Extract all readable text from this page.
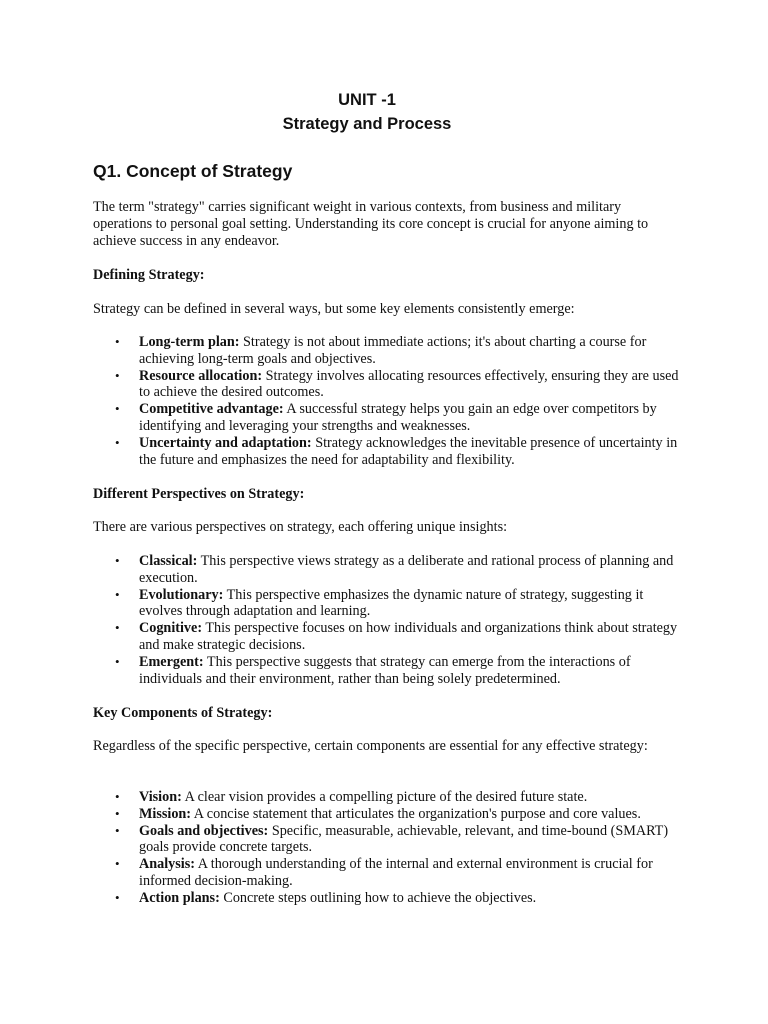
UNIT -1
Strategy and Process
Q1. Concept of Strategy

The term "strategy" carries significant weight in various contexts, from business and military operations to personal goal setting. Understanding its core concept is crucial for anyone aiming to achieve success in any endeavor.

Defining Strategy:

Strategy can be defined in several ways, but some key elements consistently emerge:

• Long-term plan: Strategy is not about immediate actions; it's about charting a course for achieving long-term goals and objectives.
• Resource allocation: Strategy involves allocating resources effectively, ensuring they are used to achieve the desired outcomes.
• Competitive advantage: A successful strategy helps you gain an edge over competitors by identifying and leveraging your strengths and weaknesses.
• Uncertainty and adaptation: Strategy acknowledges the inevitable presence of uncertainty in the future and emphasizes the need for adaptability and flexibility.
Different Perspectives on Strategy:

There are various perspectives on strategy, each offering unique insights:

• Classical: This perspective views strategy as a deliberate and rational process of planning and execution.
• Evolutionary: This perspective emphasizes the dynamic nature of strategy, suggesting it evolves through adaptation and learning.
• Cognitive: This perspective focuses on how individuals and organizations think about strategy and make strategic decisions.
• Emergent: This perspective suggests that strategy can emerge from the interactions of individuals and their environment, rather than being solely predetermined.
Key Components of Strategy:

Regardless of the specific perspective, certain components are essential for any effective strategy:

• Vision: A clear vision provides a compelling picture of the desired future state.
• Mission: A concise statement that articulates the organization's purpose and core values.
• Goals and objectives: Specific, measurable, achievable, relevant, and time-bound (SMART) goals provide concrete targets.
• Analysis: A thorough understanding of the internal and external environment is crucial for informed decision-making.
• Action plans: Concrete steps outlining how to achieve the objectives.
